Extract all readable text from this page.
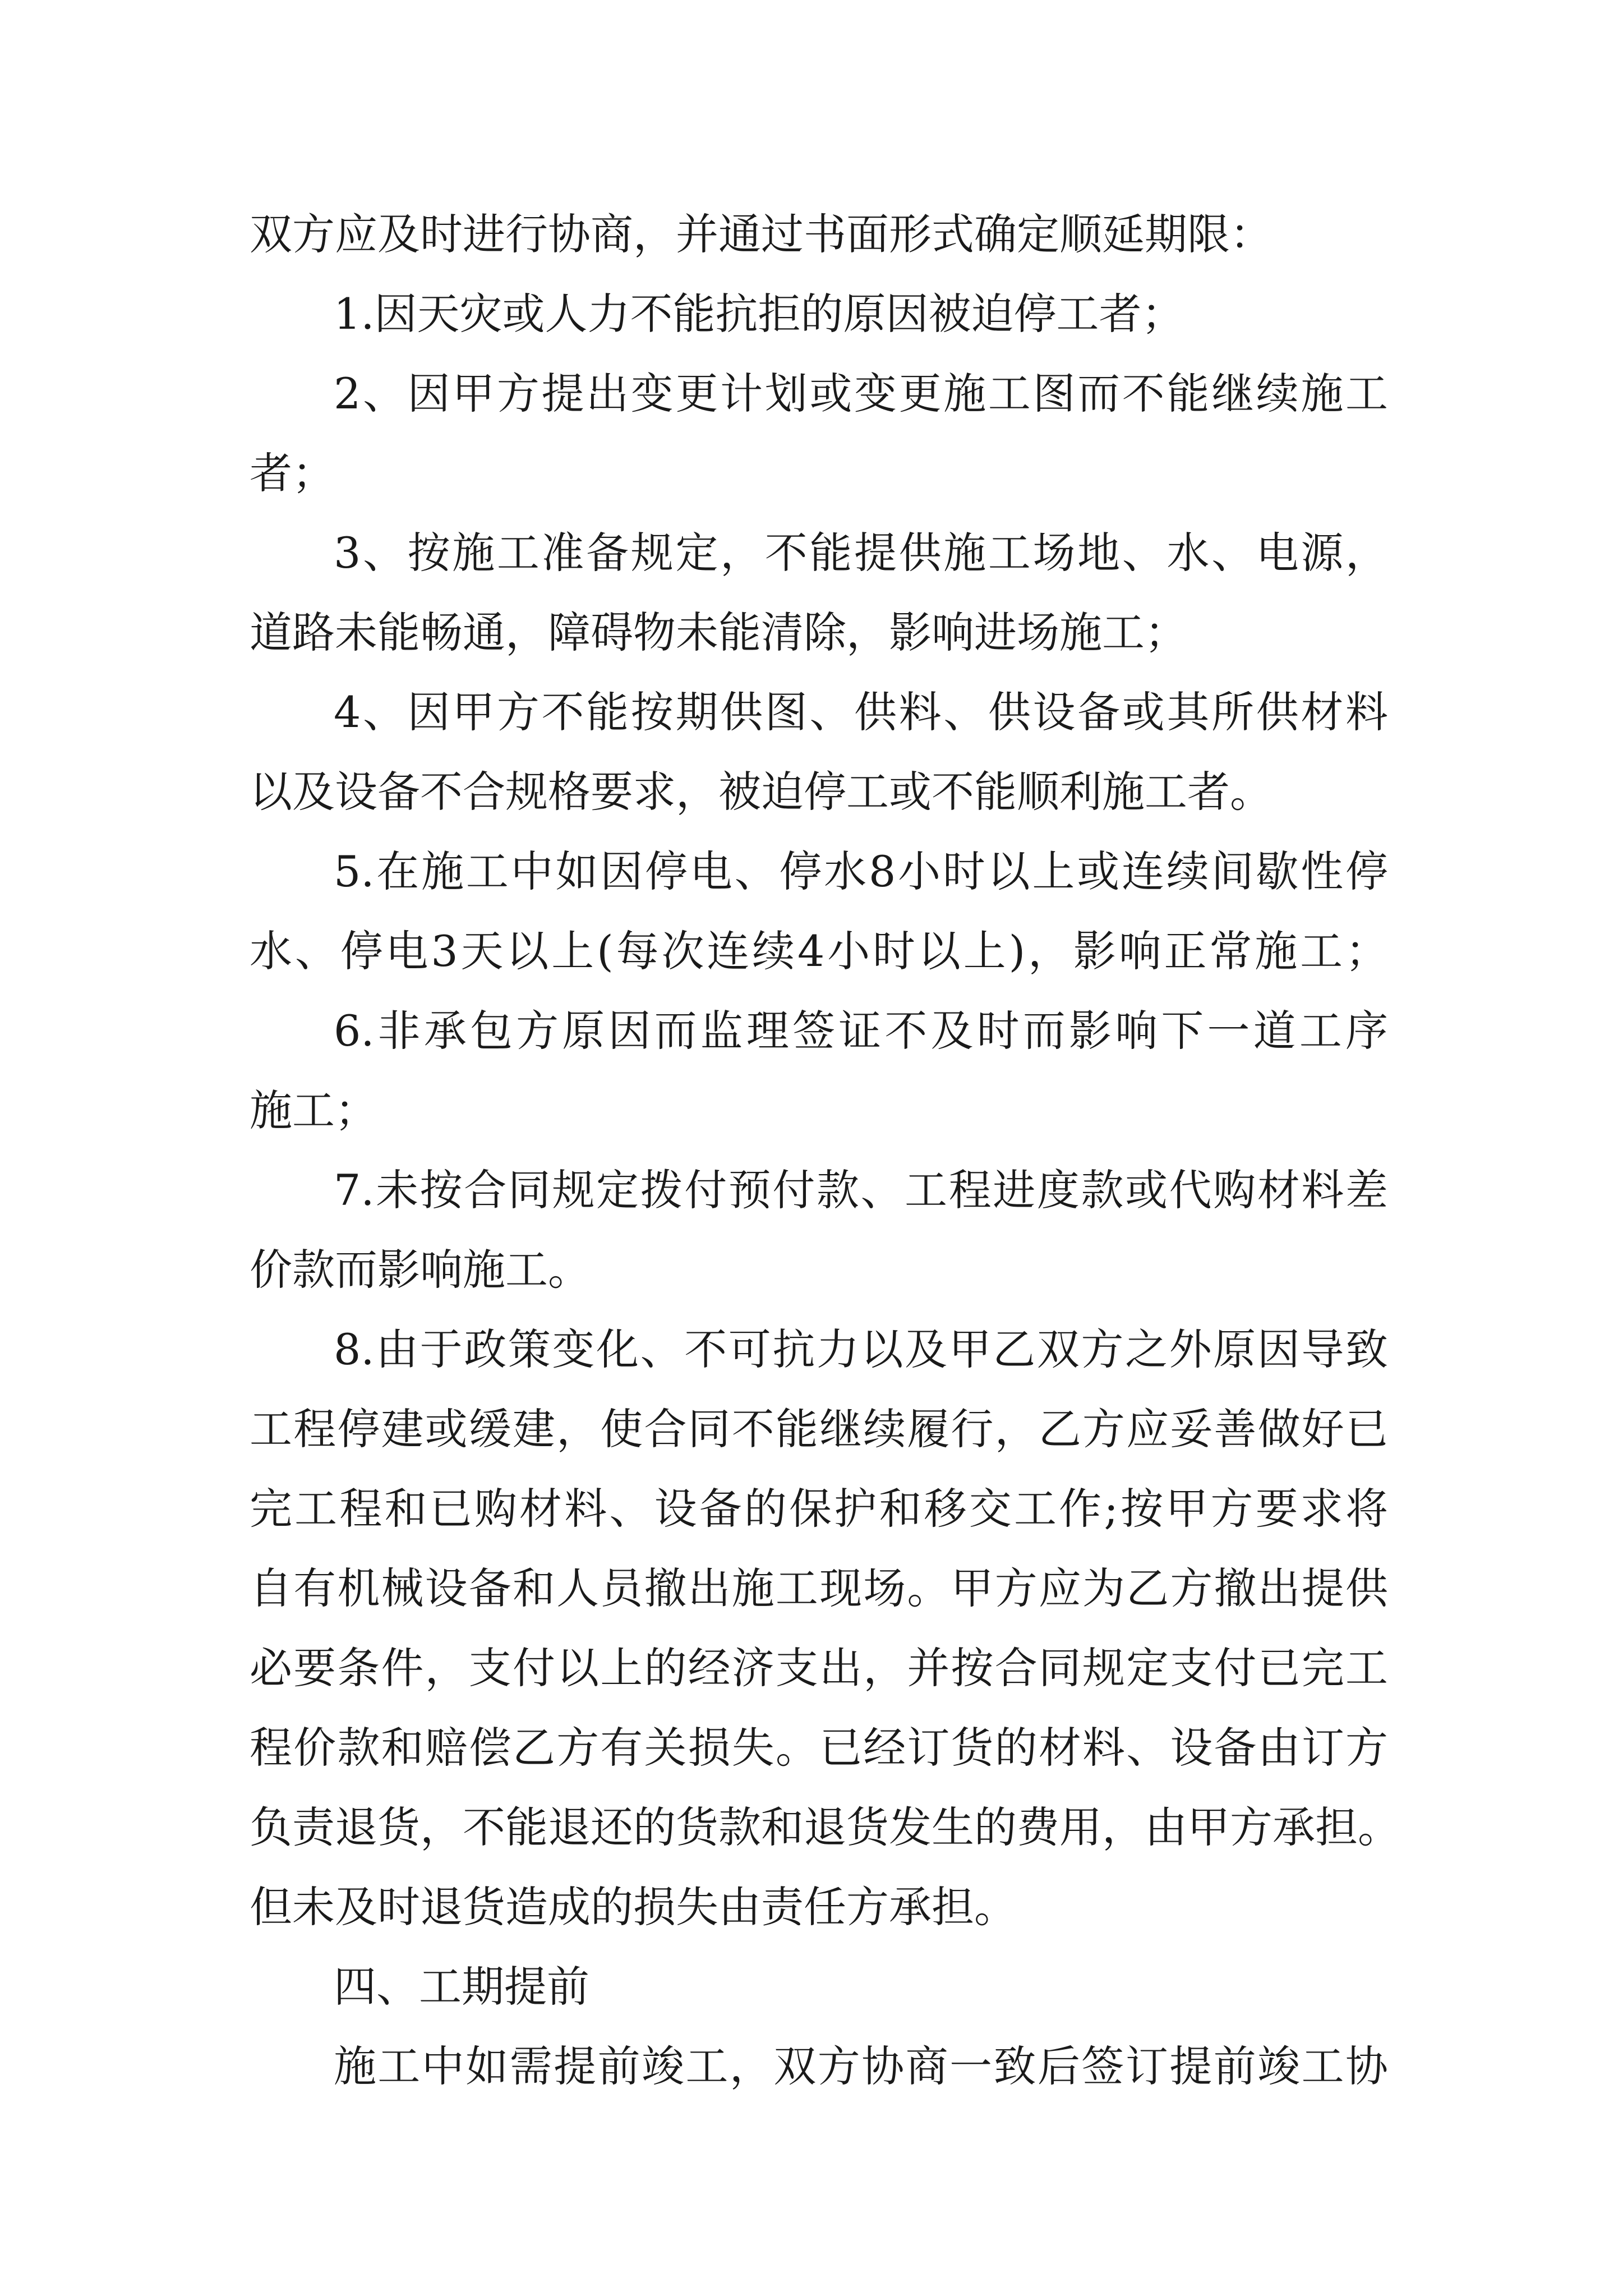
双方应及时进行协商，并通过书面形式确定顺延期限：
1.因天灾或人力不能抗拒的原因被迫停工者；
2、因甲方提出变更计划或变更施工图而不能继续施工
者；
3、按施工准备规定，不能提供施工场地、水、电源，
道路未能畅通，障碍物未能清除，影响进场施工；
4、因甲方不能按期供图、供料、供设备或其所供材料
以及设备不合规格要求，被迫停工或不能顺利施工者。
5.在施工中如因停电、停水8小时以上或连续间歇性停
水、停电3天以上(每次连续4小时以上)，影响正常施工；
6.非承包方原因而监理签证不及时而影响下一道工序
施工；
7.未按合同规定拨付预付款、工程进度款或代购材料差
价款而影响施工。
8.由于政策变化、不可抗力以及甲乙双方之外原因导致
工程停建或缓建，使合同不能继续履行，乙方应妥善做好已
完工程和已购材料、设备的保护和移交工作;按甲方要求将
自有机械设备和人员撤出施工现场。甲方应为乙方撤出提供
必要条件，支付以上的经济支出，并按合同规定支付已完工
程价款和赔偿乙方有关损失。已经订货的材料、设备由订方
负责退货，不能退还的货款和退货发生的费用，由甲方承担。
但未及时退货造成的损失由责任方承担。
四、工期提前
施工中如需提前竣工，双方协商一致后签订提前竣工协
